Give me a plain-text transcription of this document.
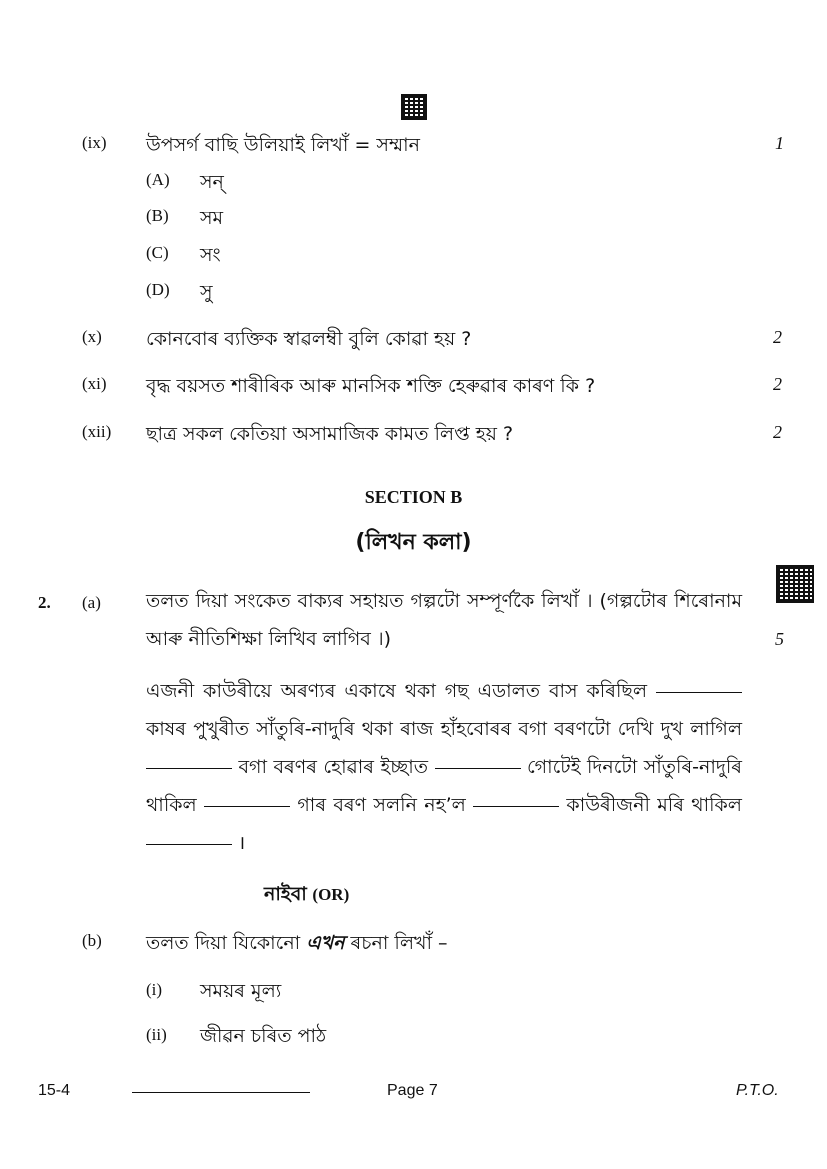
(ix) উপসৰ্গ বাছি উলিয়াই লিখাঁ = সম্মান	1
(A) সন্
(B) সম
(C) সং
(D) সু
(x) কোনবোৰ ব্যক্তিক স্বাৱলম্বী বুলি কোৱা হয় ?	2
(xi) বৃদ্ধ বয়সত শাৰীৰিক আৰু মানসিক শক্তি হেৰুৱাৰ কাৰণ কি ?	2
(xii) ছাত্ৰ সকল কেতিয়া অসামাজিক কামত লিপ্ত হয় ?	2
SECTION B
(লিখন কলা)
2. (a) তলত দিয়া সংকেত বাক্যৰ সহায়ত গল্পটো সম্পূৰ্ণকৈ লিখাঁ । (গল্পটোৰ শিৰোনাম আৰু নীতিশিক্ষা লিখিব লাগিব ।)	5
এজনী কাউৰীয়ে অৰণ্যৰ একাষে থকা গছ এডালত বাস কৰিছিল  কাষৰ পুখুৰীত সাঁতুৰি-নাদুৰি থকা ৰাজ হাঁহবোৰৰ বগা বৰণটো দেখি দুখ লাগিল  বগা বৰণৰ হোৱাৰ ইচ্ছাত	গোটেই দিনটো সাঁতুৰি-নাদুৰি থাকিল	গাৰ বৰণ সলনি নহ’ল	কাউৰীজনী মৰি থাকিল  ।
নাইবা (OR)
(b) তলত দিয়া যিকোনো এখন ৰচনা লিখাঁ –
(i) সময়ৰ মূল্য
(ii) জীৱন চৰিত পাঠ
15-4	Page 7	P.T.O.
